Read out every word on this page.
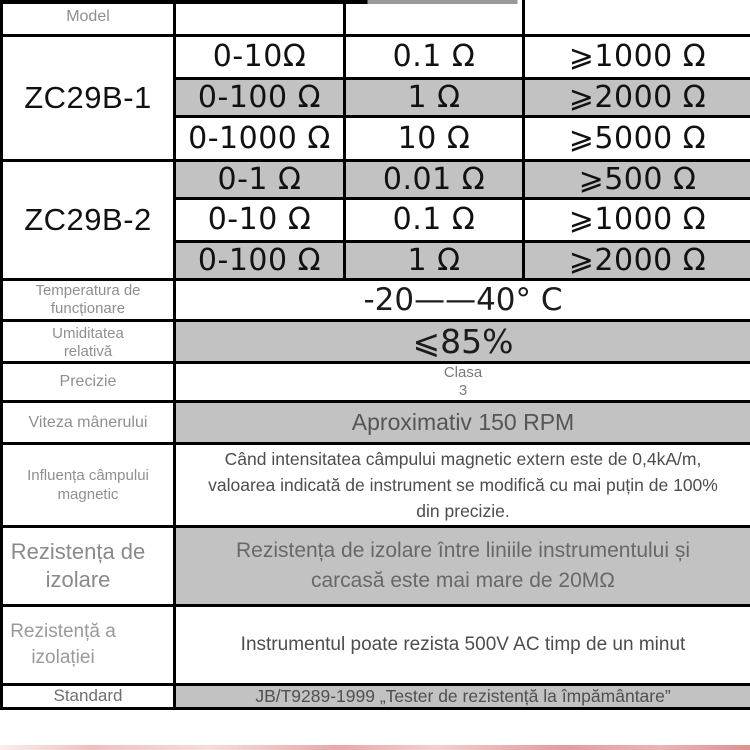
Model			
ZC29B-1	0-10Ω	0.1 Ω	⩾1000 Ω
	0-100 Ω	1 Ω	⩾2000 Ω
	0-1000 Ω	10 Ω	⩾5000 Ω
ZC29B-2	0-1 Ω	0.01 Ω	⩾500 Ω
	0-10 Ω	0.1 Ω	⩾1000 Ω
	0-100 Ω	1 Ω	⩾2000 Ω

Temperatura de funcționare	-20——40° C		

Umiditatea relativă	⩽85%		
Precizie	Clasa
3		

Viteza mânerului	Aproximativ 150 RPM		

Influența câmpului magnetic	Când intensitatea câmpului magnetic extern este de 0,4kA/m, valoarea indicată de instrument se modifică cu mai puțin de 100% din precizie.		

Rezistența de izolare	Rezistența de izolare între liniile instrumentului și carcasă este mai mare de 20MΩ		

Rezistență a izolației	Instrumentul poate rezista 500V AC timp de un minut		
Standard	JB/T9289-1999 „Tester de rezistență la împământare”		
